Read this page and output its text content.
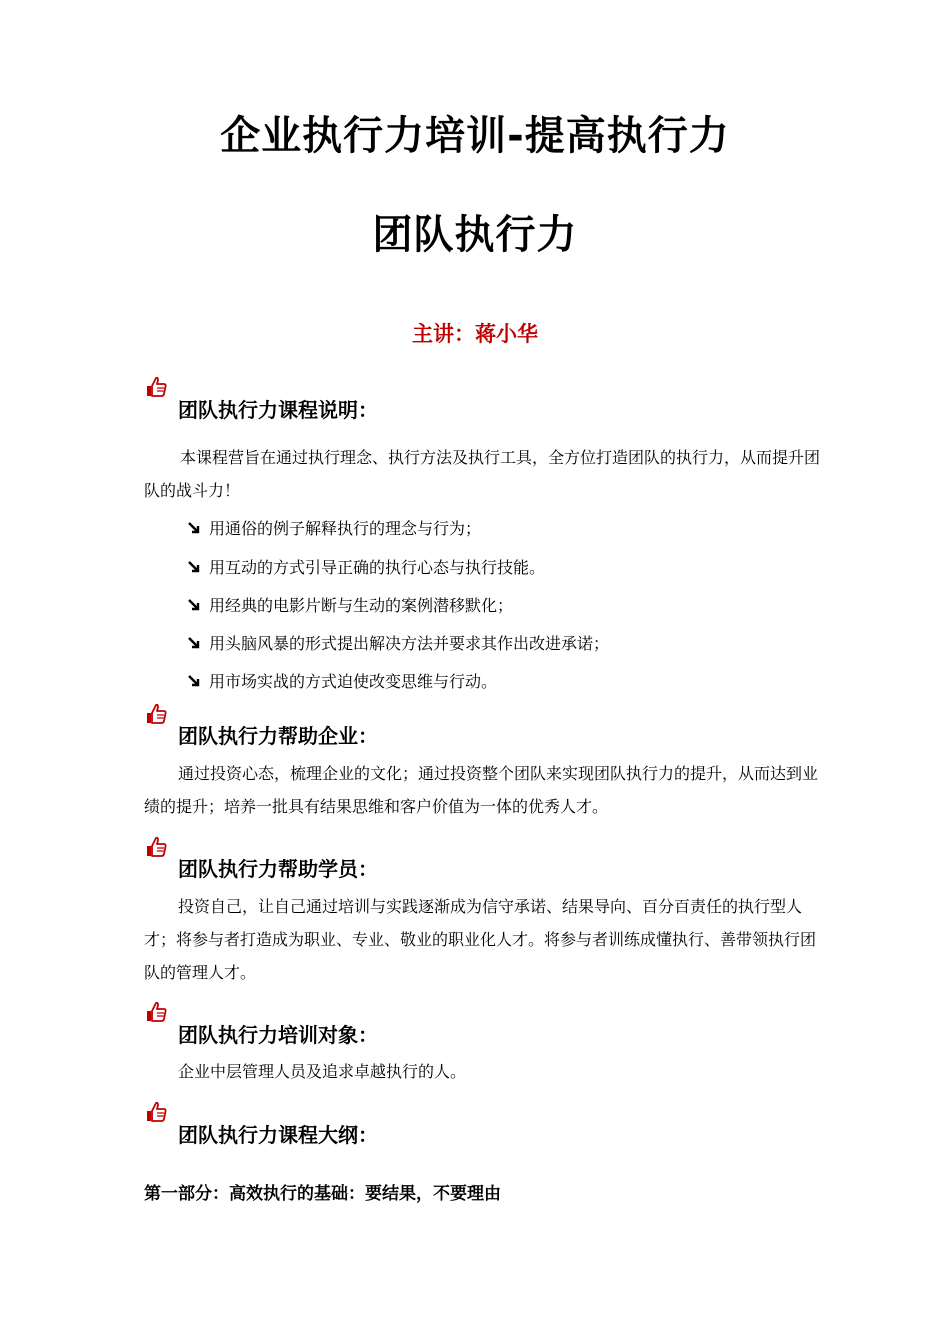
企业执行力培训-提高执行力
团队执行力
主讲：蒋小华
团队执行力课程说明：
本课程营旨在通过执行理念、执行方法及执行工具，全方位打造团队的执行力，从而提升团队的战斗力！
用通俗的例子解释执行的理念与行为；
用互动的方式引导正确的执行心态与执行技能。
用经典的电影片断与生动的案例潜移默化；
用头脑风暴的形式提出解决方法并要求其作出改进承诺；
用市场实战的方式迫使改变思维与行动。
团队执行力帮助企业：
通过投资心态，梳理企业的文化；通过投资整个团队来实现团队执行力的提升，从而达到业绩的提升；培养一批具有结果思维和客户价值为一体的优秀人才。
团队执行力帮助学员：
投资自己，让自己通过培训与实践逐渐成为信守承诺、结果导向、百分百责任的执行型人才；将参与者打造成为职业、专业、敬业的职业化人才。将参与者训练成懂执行、善带领执行团队的管理人才。
团队执行力培训对象：
企业中层管理人员及追求卓越执行的人。
团队执行力课程大纲：
第一部分：高效执行的基础：要结果，不要理由
